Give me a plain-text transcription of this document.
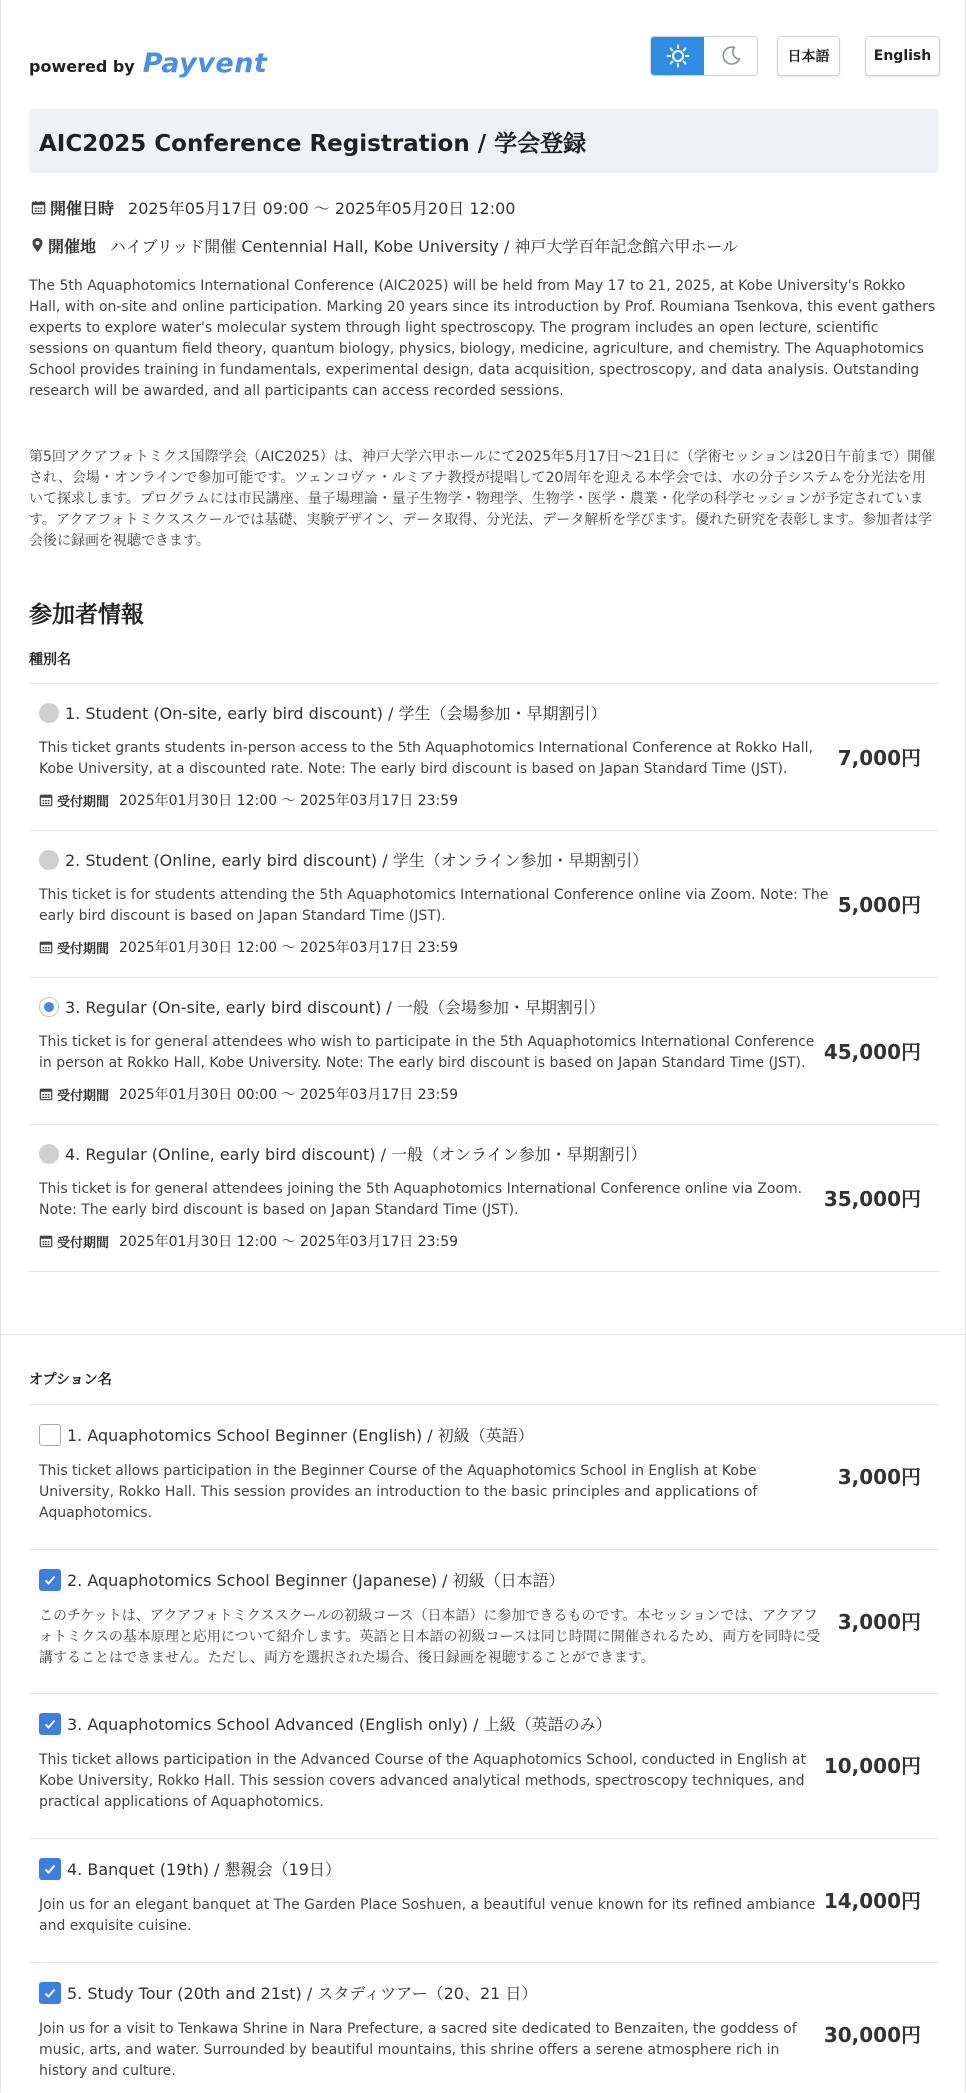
powered by Payvent	日本語	English
AIC2025 Conference Registration / 学会登録
開催日時 2025年05月17日 09:00 〜 2025年05月20日 12:00
開催地 ハイブリッド開催 Centennial Hall, Kobe University / 神戸大学百年記念館六甲ホール

The 5th Aquaphotomics International Conference (AIC2025) will be held from May 17 to 21, 2025, at Kobe University's Rokko Hall, with on-site and online participation. Marking 20 years since its introduction by Prof. Roumiana Tsenkova, this event gathers experts to explore water's molecular system through light spectroscopy. The program includes an open lecture, scientific sessions on quantum field theory, quantum biology, physics, biology, medicine, agriculture, and chemistry. The Aquaphotomics School provides training in fundamentals, experimental design, data acquisition, spectroscopy, and data analysis. Outstanding research will be awarded, and all participants can access recorded sessions.

第5回アクアフォトミクス国際学会（AIC2025）は、神戸大学六甲ホールにて2025年5月17日〜21日に（学術セッションは20日午前まで）開催され、会場・オンラインで参加可能です。ツェンコヴァ・ルミアナ教授が提唱して20周年を迎える本学会では、水の分子システムを分光法を用いて探求します。プログラムには市民講座、量子場理論・量子生物学・物理学、生物学・医学・農業・化学の科学セッションが予定されています。アクアフォトミクススクールでは基礎、実験デザイン、データ取得、分光法、データ解析を学びます。優れた研究を表彰します。参加者は学会後に録画を視聴できます。

参加者情報
種別名
1. Student (On-site, early bird discount) / 学生（会場参加・早期割引）
This ticket grants students in-person access to the 5th Aquaphotomics International Conference at Rokko Hall, Kobe University, at a discounted rate. Note: The early bird discount is based on Japan Standard Time (JST).
受付期間 2025年01月30日 12:00 〜 2025年03月17日 23:59
7,000円
2. Student (Online, early bird discount) / 学生（オンライン参加・早期割引）
This ticket is for students attending the 5th Aquaphotomics International Conference online via Zoom. Note: The early bird discount is based on Japan Standard Time (JST).
受付期間 2025年01月30日 12:00 〜 2025年03月17日 23:59
5,000円
3. Regular (On-site, early bird discount) / 一般（会場参加・早期割引）
This ticket is for general attendees who wish to participate in the 5th Aquaphotomics International Conference in person at Rokko Hall, Kobe University. Note: The early bird discount is based on Japan Standard Time (JST).
受付期間 2025年01月30日 00:00 〜 2025年03月17日 23:59
45,000円
4. Regular (Online, early bird discount) / 一般（オンライン参加・早期割引）
This ticket is for general attendees joining the 5th Aquaphotomics International Conference online via Zoom. Note: The early bird discount is based on Japan Standard Time (JST).
受付期間 2025年01月30日 12:00 〜 2025年03月17日 23:59
35,000円
オプション名
1. Aquaphotomics School Beginner (English) / 初級（英語）
This ticket allows participation in the Beginner Course of the Aquaphotomics School in English at Kobe University, Rokko Hall. This session provides an introduction to the basic principles and applications of Aquaphotomics.
3,000円
2. Aquaphotomics School Beginner (Japanese) / 初級（日本語）
このチケットは、アクアフォトミクススクールの初級コース（日本語）に参加できるものです。本セッションでは、アクアフォトミクスの基本原理と応用について紹介します。英語と日本語の初級コースは同じ時間に開催されるため、両方を同時に受講することはできません。ただし、両方を選択された場合、後日録画を視聴することができます。
3,000円
3. Aquaphotomics School Advanced (English only) / 上級（英語のみ）
This ticket allows participation in the Advanced Course of the Aquaphotomics School, conducted in English at Kobe University, Rokko Hall. This session covers advanced analytical methods, spectroscopy techniques, and practical applications of Aquaphotomics.
10,000円
4. Banquet (19th) / 懇親会（19日）
Join us for an elegant banquet at The Garden Place Soshuen, a beautiful venue known for its refined ambiance and exquisite cuisine.
14,000円
5. Study Tour (20th and 21st) / スタディツアー（20、21 日）
Join us for a visit to Tenkawa Shrine in Nara Prefecture, a sacred site dedicated to Benzaiten, the goddess of music, arts, and water. Surrounded by beautiful mountains, this shrine offers a serene atmosphere rich in history and culture.
30,000円
